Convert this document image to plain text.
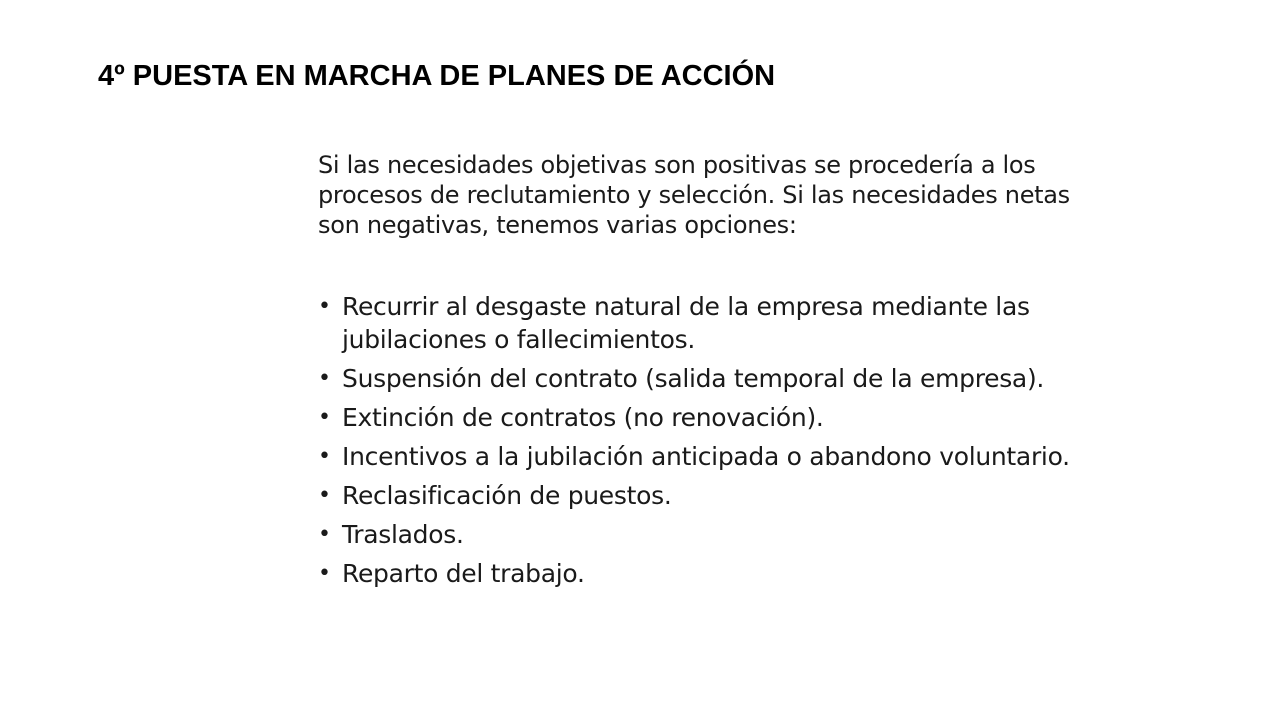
4º PUESTA EN MARCHA DE PLANES DE ACCIÓN

Si las necesidades objetivas son positivas se procedería a los procesos de reclutamiento y selección. Si las necesidades netas son negativas, tenemos varias opciones:

• Recurrir al desgaste natural de la empresa mediante las jubilaciones o fallecimientos.
• Suspensión del contrato (salida temporal de la empresa).
• Extinción de contratos (no renovación).
• Incentivos a la jubilación anticipada o abandono voluntario.
• Reclasificación de puestos.
• Traslados.
• Reparto del trabajo.
